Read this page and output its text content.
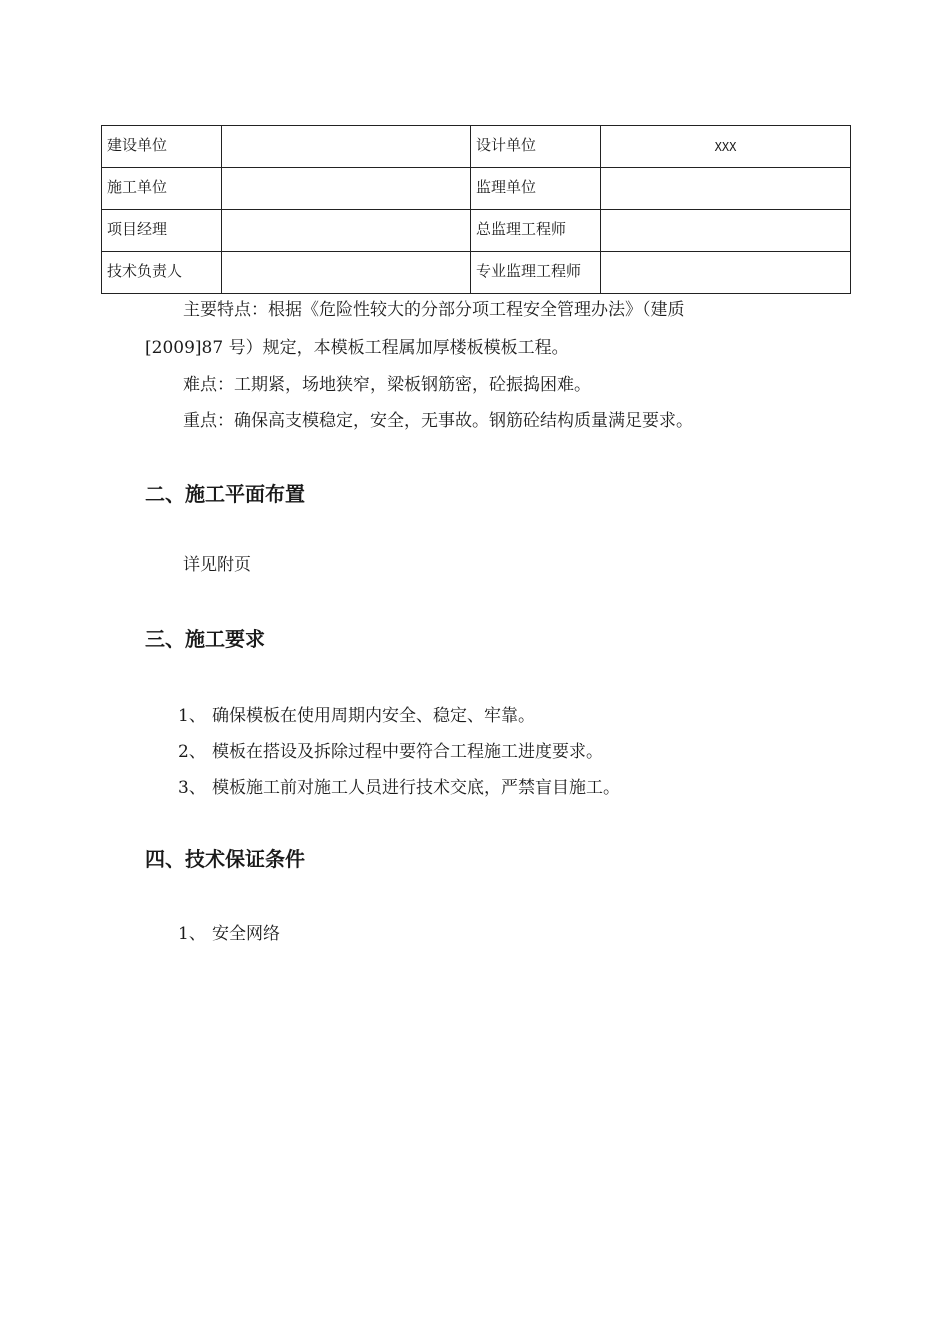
建设单位		设计单位	XXX
施工单位		监理单位	
项目经理		总监理工程师	
技术负责人		专业监理工程师	
主要特点：根据《危险性较大的分部分项工程安全管理办法》（建质
[2009]87 号）规定，本模板工程属加厚楼板模板工程。
难点：工期紧，场地狭窄，梁板钢筋密，砼振捣困难。
重点：确保高支模稳定，安全，无事故。钢筋砼结构质量满足要求。
二、施工平面布置
详见附页
三、施工要求
1、 确保模板在使用周期内安全、稳定、牢靠。
2、 模板在搭设及拆除过程中要符合工程施工进度要求。
3、 模板施工前对施工人员进行技术交底，严禁盲目施工。
四、技术保证条件
1、 安全网络
